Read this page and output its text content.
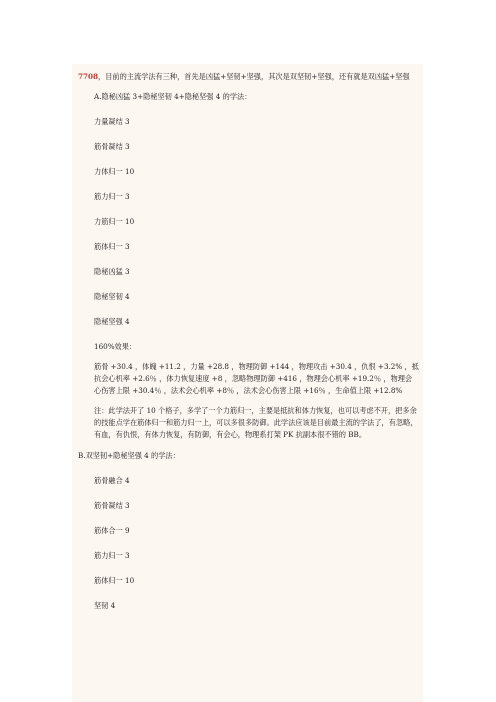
7708，目前的主流学法有三种，首先是凶猛+坚韧+坚强，其次是双坚韧+坚强，还有就是双凶猛+坚强

A.隐秘凶猛 3+隐秘坚韧 4+隐秘坚强 4 的学法：

力量凝结 3

筋骨凝结 3

力体归一 10

筋力归一 3

力筋归一 10

筋体归一 3

隐秘凶猛 3

隐秘坚韧 4

隐秘坚强 4

160%效果：

筋骨 +30.4 ，体魄 +11.2 ，力量 +28.8 ，物理防御 +144 ，物理攻击 +30.4 ，仇恨 +3.2% ，抵抗会心机率 +2.6％ ，体力恢复速度 +8 ，忽略物理防御 +416 ，物理会心机率 +19.2％ ，物理会心伤害上限 +30.4％ ，法术会心机率 +8％ ，法术会心伤害上限 +16％ ，生命值上限 +12.8%

注：此学法开了 10 个格子，多学了一个力筋归一，主要是抵抗和体力恢复，也可以考虑不开，把多余的技能点学在筋体归一和筋力归一上，可以多很多防御。此学法应该是目前最主流的学法了，有忽略，有血，有仇恨，有体力恢复，有防御，有会心，物理系打架 PK 抗副本很不错的 BB。

B.双坚韧+隐秘坚强 4 的学法：

筋骨融合 4

筋骨凝结 3

筋体合一 9

筋力归一 3

筋体归一 10

坚韧 4
